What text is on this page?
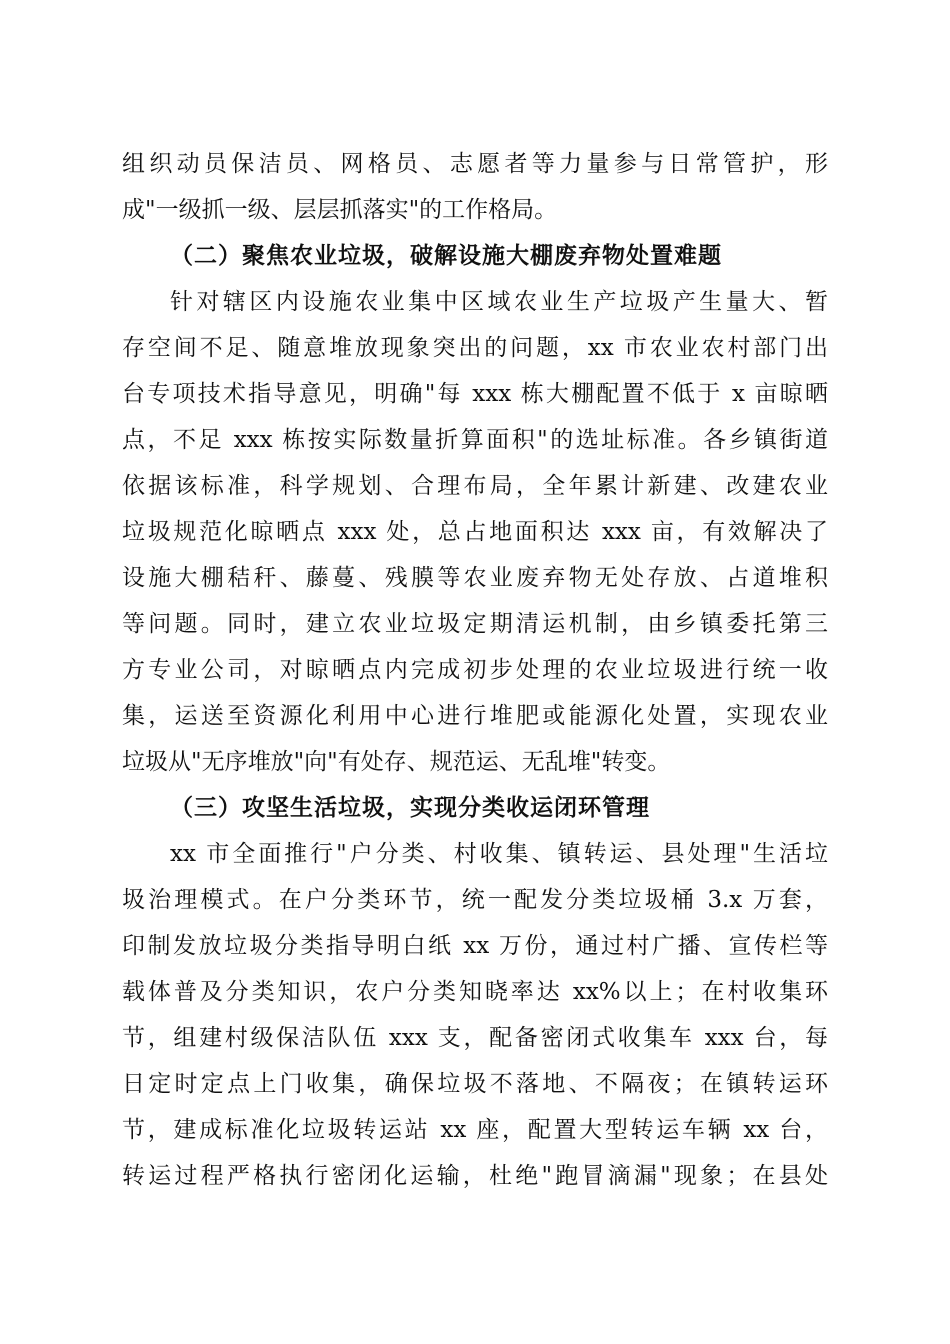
组织动员保洁员、网格员、志愿者等力量参与日常管护，形
成"一级抓一级、层层抓落实"的工作格局。
（二）聚焦农业垃圾，破解设施大棚废弃物处置难题
针对辖区内设施农业集中区域农业生产垃圾产生量大、暂
存空间不足、随意堆放现象突出的问题，xx 市农业农村部门出
台专项技术指导意见，明确"每 xxx 栋大棚配置不低于 x 亩晾晒
点，不足 xxx 栋按实际数量折算面积"的选址标准。各乡镇街道
依据该标准，科学规划、合理布局，全年累计新建、改建农业
垃圾规范化晾晒点 xxx 处，总占地面积达 xxx 亩，有效解决了
设施大棚秸秆、藤蔓、残膜等农业废弃物无处存放、占道堆积
等问题。同时，建立农业垃圾定期清运机制，由乡镇委托第三
方专业公司，对晾晒点内完成初步处理的农业垃圾进行统一收
集，运送至资源化利用中心进行堆肥或能源化处置，实现农业
垃圾从"无序堆放"向"有处存、规范运、无乱堆"转变。
（三）攻坚生活垃圾，实现分类收运闭环管理
xx 市全面推行"户分类、村收集、镇转运、县处理"生活垃
圾治理模式。在户分类环节，统一配发分类垃圾桶 3.x 万套，
印制发放垃圾分类指导明白纸 xx 万份，通过村广播、宣传栏等
载体普及分类知识，农户分类知晓率达 xx%以上；在村收集环
节，组建村级保洁队伍 xxx 支，配备密闭式收集车 xxx 台，每
日定时定点上门收集，确保垃圾不落地、不隔夜；在镇转运环
节，建成标准化垃圾转运站 xx 座，配置大型转运车辆 xx 台，
转运过程严格执行密闭化运输，杜绝"跑冒滴漏"现象；在县处
